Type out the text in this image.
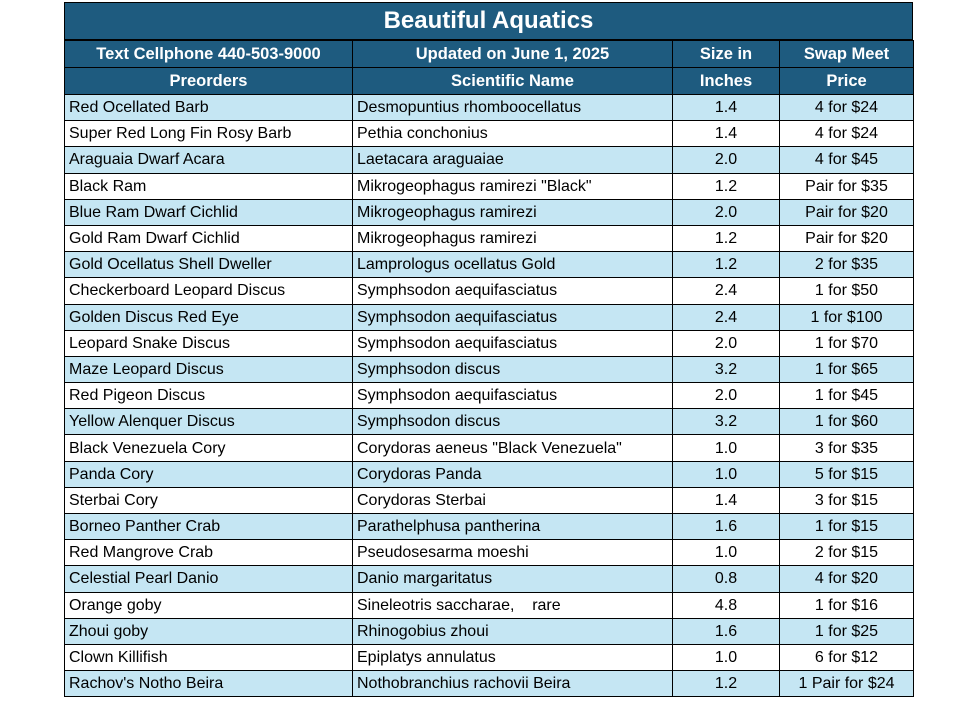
Beautiful Aquatics
Text Cellphone 440-503-9000	Updated on June 1, 2025	Size in	Swap Meet
Preorders	Scientific Name	Inches	Price
Red Ocellated Barb	Desmopuntius rhomboocellatus	1.4	4 for $24
Super Red Long Fin Rosy Barb	Pethia conchonius	1.4	4 for $24
Araguaia Dwarf Acara	Laetacara araguaiae	2.0	4 for $45
Black Ram	Mikrogeophagus ramirezi "Black"	1.2	Pair for $35
Blue Ram Dwarf Cichlid	Mikrogeophagus ramirezi	2.0	Pair for $20
Gold Ram Dwarf Cichlid	Mikrogeophagus ramirezi	1.2	Pair for $20
Gold Ocellatus Shell Dweller	Lamprologus ocellatus Gold	1.2	2 for $35
Checkerboard Leopard Discus	Symphsodon aequifasciatus	2.4	1 for $50
Golden Discus Red Eye	Symphsodon aequifasciatus	2.4	1 for $100
Leopard Snake Discus	Symphsodon aequifasciatus	2.0	1 for $70
Maze Leopard Discus	Symphsodon discus	3.2	1 for $65
Red Pigeon Discus	Symphsodon aequifasciatus	2.0	1 for $45
Yellow Alenquer Discus	Symphsodon discus	3.2	1 for $60
Black Venezuela Cory	Corydoras aeneus "Black Venezuela"	1.0	3 for $35
Panda Cory	Corydoras Panda	1.0	5 for $15
Sterbai Cory	Corydoras Sterbai	1.4	3 for $15
Borneo Panther Crab	Parathelphusa pantherina	1.6	1 for $15
Red Mangrove Crab	Pseudosesarma moeshi	1.0	2 for $15
Celestial Pearl Danio	Danio margaritatus	0.8	4 for $20
Orange goby	Sineleotris saccharae,    rare	4.8	1 for $16
Zhoui goby	Rhinogobius zhoui	1.6	1 for $25
Clown Killifish	Epiplatys annulatus	1.0	6 for $12
Rachov's Notho Beira	Nothobranchius rachovii Beira	1.2	1 Pair for $24
